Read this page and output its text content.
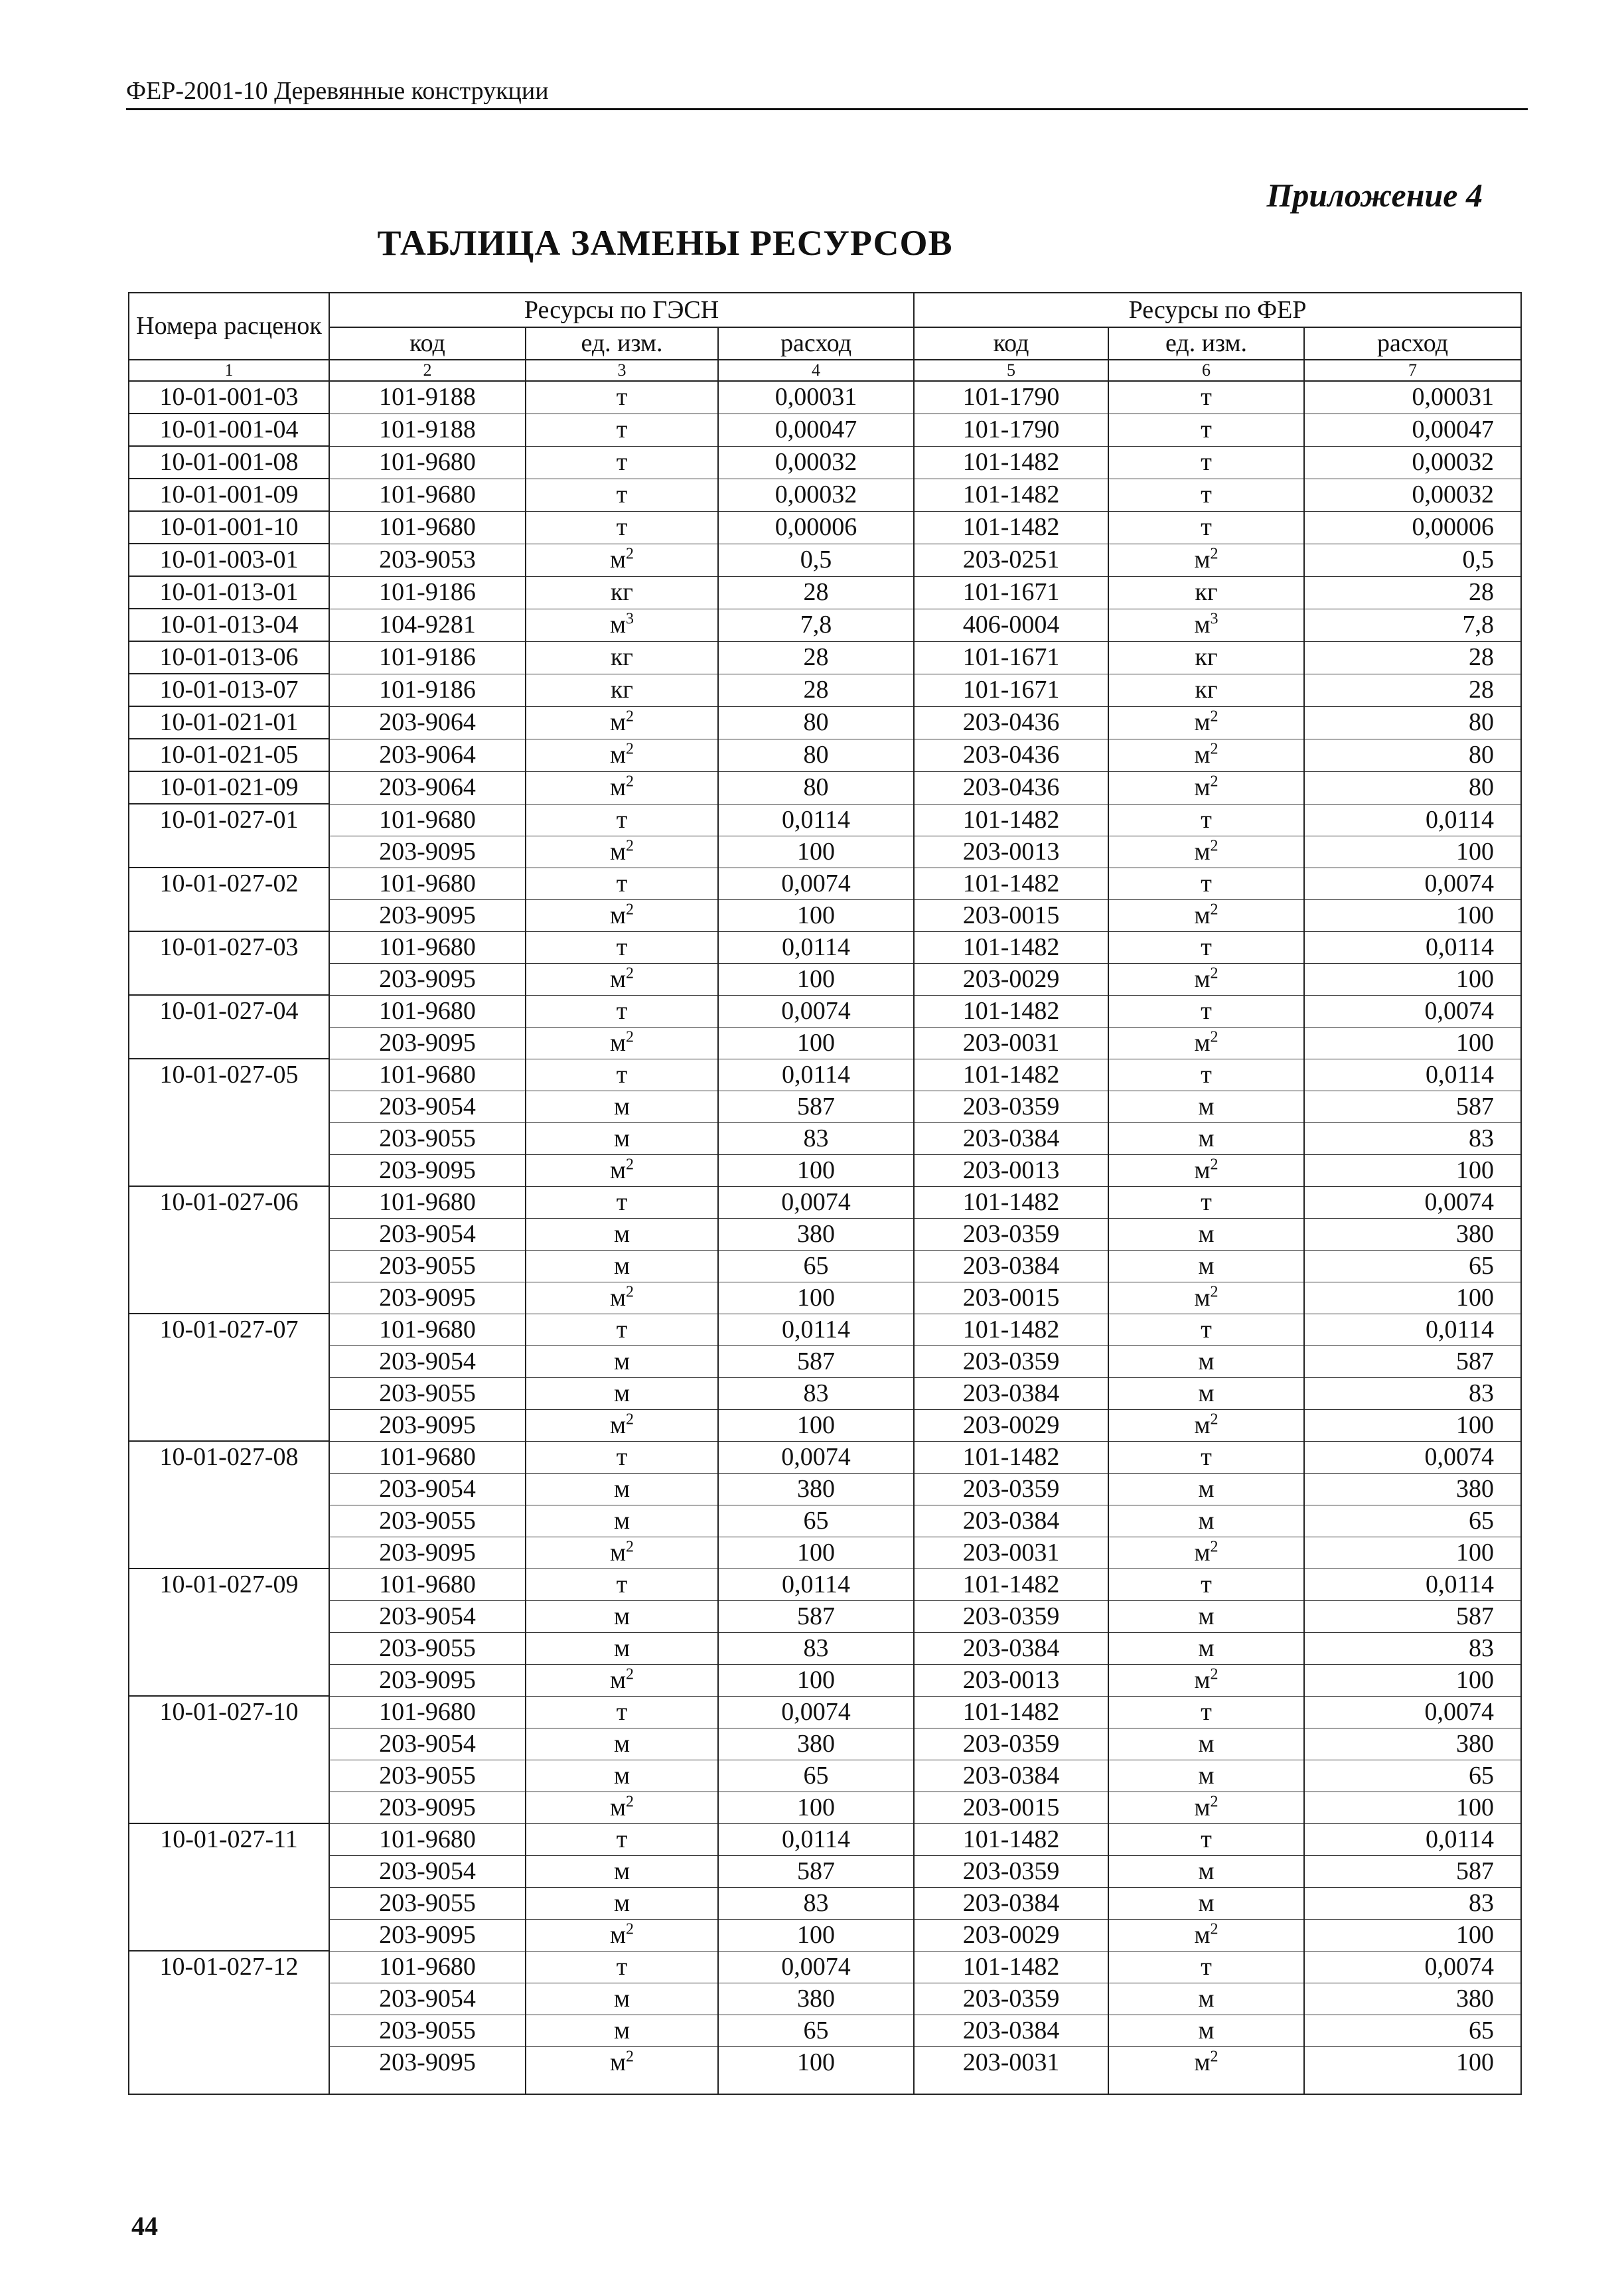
ФЕР-2001-10 Деревянные конструкции
Приложение 4
ТАБЛИЦА ЗАМЕНЫ РЕСУРСОВ
Номера расценок	Ресурсы по ГЭСН			Ресурсы по ФЕР		
	код	ед. изм.	расход	код	ед. изм.	расход
1	2	3	4	5	6	7
10-01-001-03	101-9188	т	0,00031	101-1790	т	0,00031
10-01-001-04	101-9188	т	0,00047	101-1790	т	0,00047
10-01-001-08	101-9680	т	0,00032	101-1482	т	0,00032
10-01-001-09	101-9680	т	0,00032	101-1482	т	0,00032
10-01-001-10	101-9680	т	0,00006	101-1482	т	0,00006
10-01-003-01	203-9053	$м^2$	0,5	203-0251	$м^2$	0,5
10-01-013-01	101-9186	кг	28	101-1671	кг	28
10-01-013-04	104-9281	$м^3$	7,8	406-0004	$м^3$	7,8
10-01-013-06	101-9186	кг	28	101-1671	кг	28
10-01-013-07	101-9186	кг	28	101-1671	кг	28
10-01-021-01	203-9064	$м^2$	80	203-0436	$м^2$	80
10-01-021-05	203-9064	$м^2$	80	203-0436	$м^2$	80
10-01-021-09	203-9064	$м^2$	80	203-0436	$м^2$	80
10-01-027-01	101-9680	т	0,0114	101-1482	т	0,0114
	203-9095	$м^2$	100	203-0013	$м^2$	100
10-01-027-02	101-9680	т	0,0074	101-1482	т	0,0074
	203-9095	$м^2$	100	203-0015	$м^2$	100
10-01-027-03	101-9680	т	0,0114	101-1482	т	0,0114
	203-9095	$м^2$	100	203-0029	$м^2$	100
10-01-027-04	101-9680	т	0,0074	101-1482	т	0,0074
	203-9095	$м^2$	100	203-0031	$м^2$	100
10-01-027-05	101-9680	т	0,0114	101-1482	т	0,0114
	203-9054	м	587	203-0359	м	587
	203-9055	м	83	203-0384	м	83
	203-9095	$м^2$	100	203-0013	$м^2$	100
10-01-027-06	101-9680	т	0,0074	101-1482	т	0,0074
	203-9054	м	380	203-0359	м	380
	203-9055	м	65	203-0384	м	65
	203-9095	$м^2$	100	203-0015	$м^2$	100
10-01-027-07	101-9680	т	0,0114	101-1482	т	0,0114
	203-9054	м	587	203-0359	м	587
	203-9055	м	83	203-0384	м	83
	203-9095	$м^2$	100	203-0029	$м^2$	100
10-01-027-08	101-9680	т	0,0074	101-1482	т	0,0074
	203-9054	м	380	203-0359	м	380
	203-9055	м	65	203-0384	м	65
	203-9095	$м^2$	100	203-0031	$м^2$	100
10-01-027-09	101-9680	т	0,0114	101-1482	т	0,0114
	203-9054	м	587	203-0359	м	587
	203-9055	м	83	203-0384	м	83
	203-9095	$м^2$	100	203-0013	$м^2$	100
10-01-027-10	101-9680	т	0,0074	101-1482	т	0,0074
	203-9054	м	380	203-0359	м	380
	203-9055	м	65	203-0384	м	65
	203-9095	$м^2$	100	203-0015	$м^2$	100
10-01-027-11	101-9680	т	0,0114	101-1482	т	0,0114
	203-9054	м	587	203-0359	м	587
	203-9055	м	83	203-0384	м	83
	203-9095	$м^2$	100	203-0029	$м^2$	100
10-01-027-12	101-9680	т	0,0074	101-1482	т	0,0074
	203-9054	м	380	203-0359	м	380
	203-9055	м	65	203-0384	м	65
	203-9095	$м^2$	100	203-0031	$м^2$	100
44
